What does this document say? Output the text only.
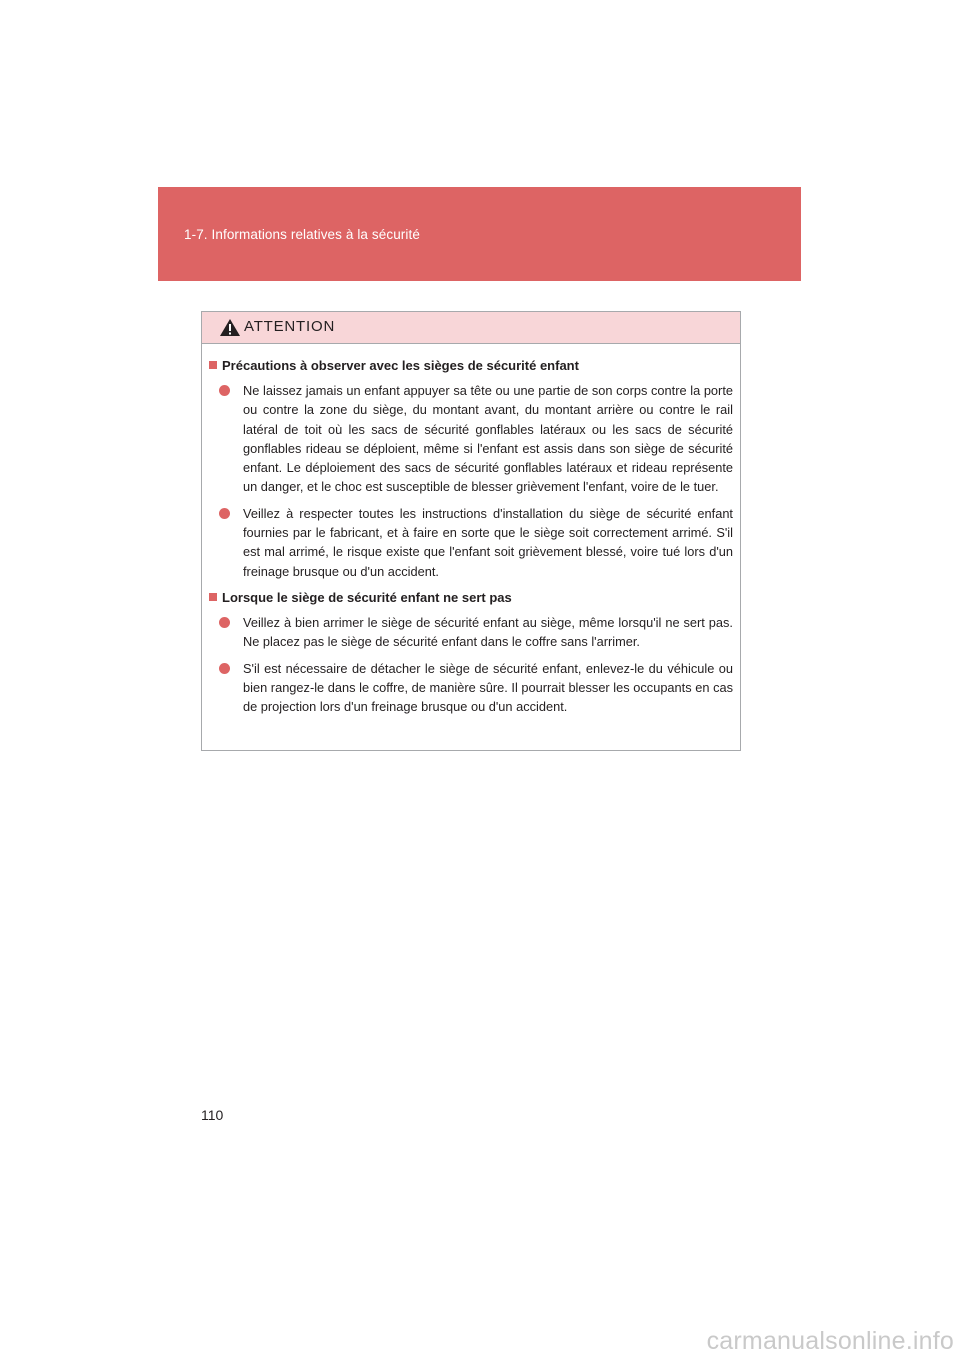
1-7. Informations relatives à la sécurité
ATTENTION
Précautions à observer avec les sièges de sécurité enfant
Ne laissez jamais un enfant appuyer sa tête ou une partie de son corps contre la porte ou contre la zone du siège, du montant avant, du montant arrière ou contre le rail latéral de toit où les sacs de sécurité gonflables latéraux ou les sacs de sécurité gonflables rideau se déploient, même si l'enfant est assis dans son siège de sécurité enfant. Le déploiement des sacs de sécurité gonflables latéraux et rideau représente un danger, et le choc est susceptible de blesser grièvement l'enfant, voire de le tuer.
Veillez à respecter toutes les instructions d'installation du siège de sécurité enfant fournies par le fabricant, et à faire en sorte que le siège soit correctement arrimé. S'il est mal arrimé, le risque existe que l'enfant soit grièvement blessé, voire tué lors d'un freinage brusque ou d'un accident.
Lorsque le siège de sécurité enfant ne sert pas
Veillez à bien arrimer le siège de sécurité enfant au siège, même lorsqu'il ne sert pas. Ne placez pas le siège de sécurité enfant dans le coffre sans l'arrimer.
S'il est nécessaire de détacher le siège de sécurité enfant, enlevez-le du véhicule ou bien rangez-le dans le coffre, de manière sûre. Il pourrait blesser les occupants en cas de projection lors d'un freinage brusque ou d'un accident.
110
carmanualsonline.info
